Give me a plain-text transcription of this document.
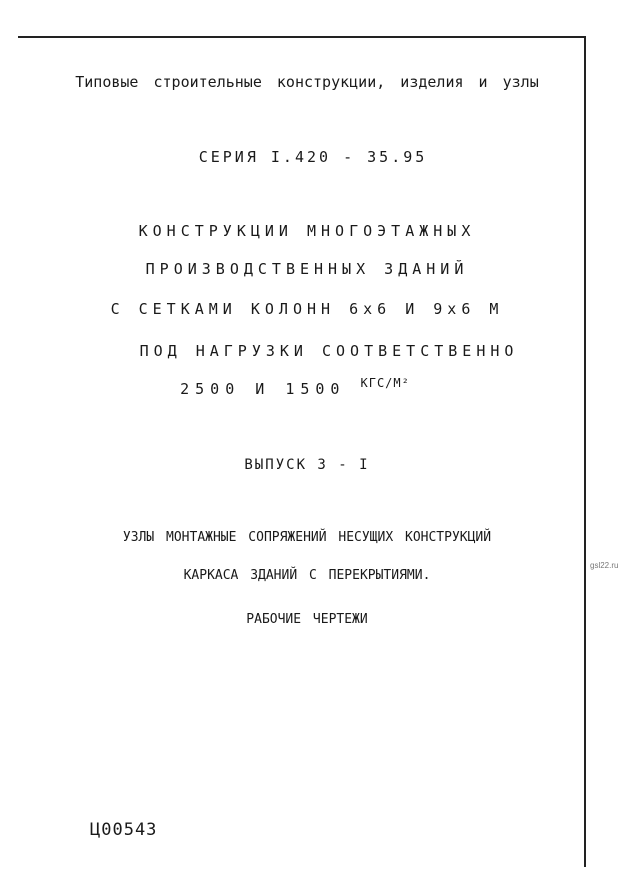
Типовые строительные конструкции, изделия и узлы
СЕРИЯ I.420 - 35.95
КОНСТРУКЦИИ МНОГОЭТАЖНЫХ
ПРОИЗВОДСТВЕННЫХ ЗДАНИЙ
С СЕТКАМИ КОЛОНН 6х6 И 9х6 М
ПОД НАГРУЗКИ СООТВЕТСТВЕННО
2500 И 1500 $^{КГС/М^2}$
ВЫПУСК 3 - I
УЗЛЫ МОНТАЖНЫЕ СОПРЯЖЕНИЙ НЕСУЩИХ КОНСТРУКЦИЙ
КАРКАСА ЗДАНИЙ С ПЕРЕКРЫТИЯМИ.
РАБОЧИЕ ЧЕРТЕЖИ
Ц00543
gsl22.ru
